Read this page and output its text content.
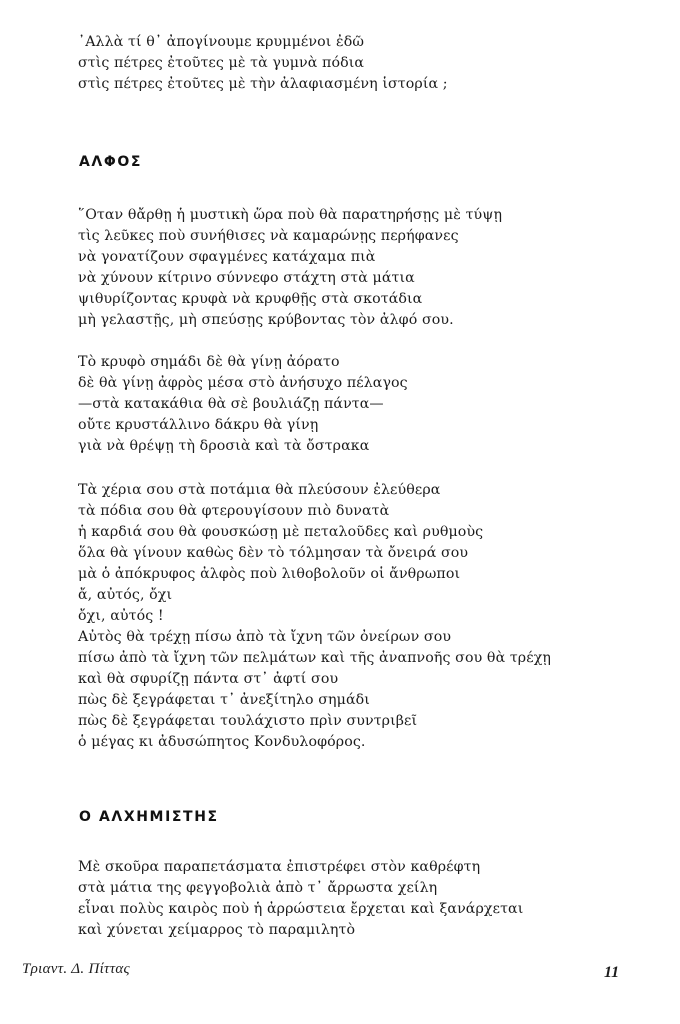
᾽Αλλὰ τί θ᾽ ἀπογίνουμε κρυμμένοι ἐδῶ
στὶς πέτρες ἐτοῦτες μὲ τὰ γυμνὰ πόδια
στὶς πέτρες ἐτοῦτες μὲ τὴν ἀλαφιασμένη ἱστορία ;
ΑΛΦΟΣ
῞Οταν θἄρθῃ ἡ μυστικὴ ὥρα ποὺ θὰ παρατηρήσῃς μὲ τύψῃ
τὶς λεῦκες ποὺ συνήθισες νὰ καμαρώνῃς περήφανες
νὰ γονατίζουν σφαγμένες κατάχαμα πιὰ
νὰ χύνουν κίτρινο σύννεφο στάχτη στὰ μάτια
ψιθυρίζοντας κρυφὰ νὰ κρυφθῇς στὰ σκοτάδια
μὴ γελαστῇς, μὴ σπεύσῃς κρύβοντας τὸν ἀλφό σου.
Τὸ κρυφὸ σημάδι δὲ θὰ γίνῃ ἀόρατο
δὲ θὰ γίνῃ ἀφρὸς μέσα στὸ ἀνήσυχο πέλαγος
—στὰ κατακάθια θὰ σὲ βουλιάζῃ πάντα—
οὔτε κρυστάλλινο δάκρυ θὰ γίνῃ
γιὰ νὰ θρέψῃ τὴ δροσιὰ καὶ τὰ ὄστρακα
Τὰ χέρια σου στὰ ποτάμια θὰ πλεύσουν ἐλεύθερα
τὰ πόδια σου θὰ φτερουγίσουν πιὸ δυνατὰ
ἡ καρδιά σου θὰ φουσκώσῃ μὲ πεταλοῦδες καὶ ρυθμοὺς
ὅλα θὰ γίνουν καθὼς δὲν τὸ τόλμησαν τὰ ὄνειρά σου
μὰ ὁ ἀπόκρυφος ἀλφὸς ποὺ λιθοβολοῦν οἱ ἄνθρωποι
ἄ, αὐτός, ὄχι
ὄχι, αὐτός !
Αὐτὸς θὰ τρέχῃ πίσω ἀπὸ τὰ ἴχνη τῶν ὀνείρων σου
πίσω ἀπὸ τὰ ἴχνη τῶν πελμάτων καὶ τῆς ἀναπνοῆς σου θὰ τρέχῃ
καὶ θὰ σφυρίζῃ πάντα στ᾽ ἀφτί σου
πὼς δὲ ξεγράφεται τ᾽ ἀνεξίτηλο σημάδι
πὼς δὲ ξεγράφεται τουλάχιστο πρὶν συντριβεῖ
ὁ μέγας κι ἀδυσώπητος Κονδυλοφόρος.
Ο ΑΛΧΗΜΙΣΤΗΣ
Μὲ σκοῦρα παραπετάσματα ἐπιστρέφει στὸν καθρέφτη
στὰ μάτια της φεγγοβολιὰ ἀπὸ τ᾽ ἄρρωστα χείλη
εἶναι πολὺς καιρὸς ποὺ ἡ ἀρρώστεια ἔρχεται καὶ ξανάρχεται
καὶ χύνεται χείμαρρος τὸ παραμιλητὸ
Τριαντ. Δ. Πίττας	11
